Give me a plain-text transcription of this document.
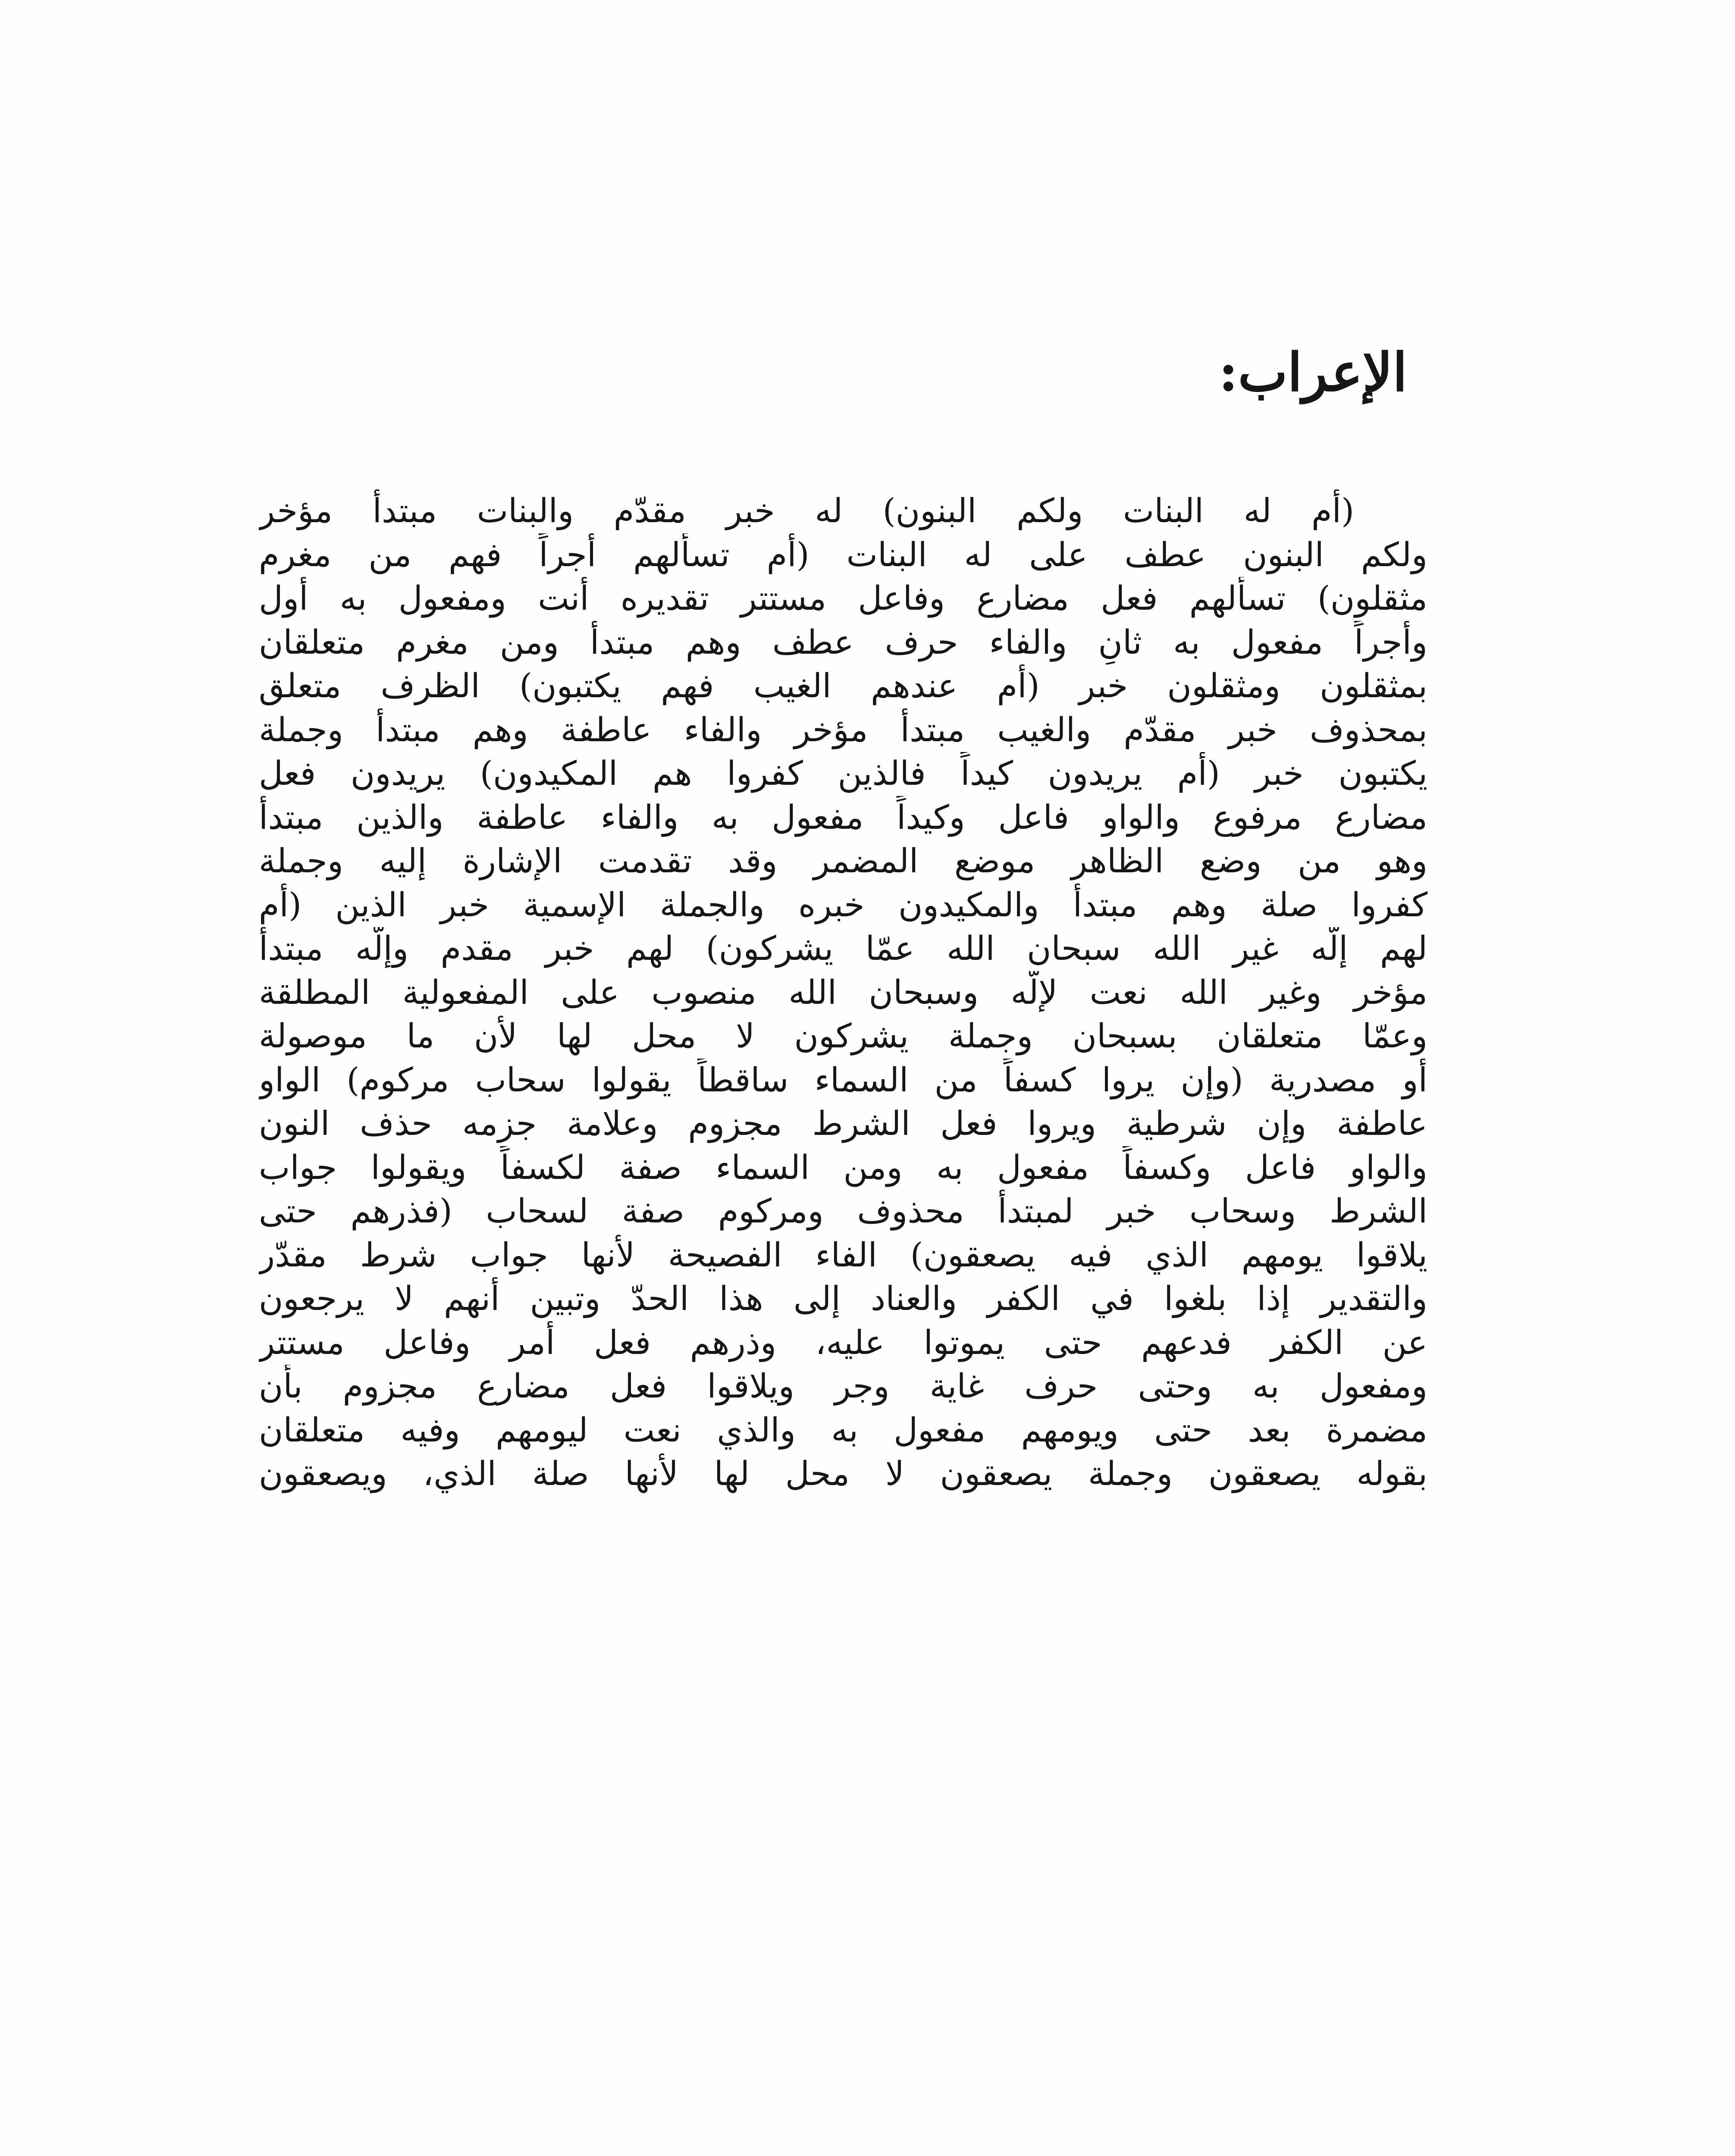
الإعراب:
(أم له البنات ولكم البنون) له خبر مقدّم والبنات مبتدأ مؤخر
ولكم البنون عطف على له البنات (أم تسألهم أجراً فهم من مغرم
مثقلون) تسألهم فعل مضارع وفاعل مستتر تقديره أنت ومفعول به أول
وأجراً مفعول به ثانٍ والفاء حرف عطف وهم مبتدأ ومن مغرم متعلقان
بمثقلون ومثقلون خبر (أم عندهم الغيب فهم يكتبون) الظرف متعلق
بمحذوف خبر مقدّم والغيب مبتدأ مؤخر والفاء عاطفة وهم مبتدأ وجملة
يكتبون خبر (أم يريدون كيداً فالذين كفروا هم المكيدون) يريدون فعل
مضارع مرفوع والواو فاعل وكيداً مفعول به والفاء عاطفة والذين مبتدأ
وهو من وضع الظاهر موضع المضمر وقد تقدمت الإشارة إليه وجملة
كفروا صلة وهم مبتدأ والمكيدون خبره والجملة الإسمية خبر الذين (أم
لهم إلّه غير الله سبحان الله عمّا يشركون) لهم خبر مقدم وإلّه مبتدأ
مؤخر وغير الله نعت لإلّه وسبحان الله منصوب على المفعولية المطلقة
وعمّا متعلقان بسبحان وجملة يشركون لا محل لها لأن ما موصولة
أو مصدرية (وإن يروا كسفاً من السماء ساقطاً يقولوا سحاب مركوم) الواو
عاطفة وإن شرطية ويروا فعل الشرط مجزوم وعلامة جزمه حذف النون
والواو فاعل وكسفاً مفعول به ومن السماء صفة لكسفاً ويقولوا جواب
الشرط وسحاب خبر لمبتدأ محذوف ومركوم صفة لسحاب (فذرهم حتى
يلاقوا يومهم الذي فيه يصعقون) الفاء الفصيحة لأنها جواب شرط مقدّر
والتقدير إذا بلغوا في الكفر والعناد إلى هذا الحدّ وتبين أنهم لا يرجعون
عن الكفر فدعهم حتى يموتوا عليه، وذرهم فعل أمر وفاعل مستتر
ومفعول به وحتى حرف غاية وجر ويلاقوا فعل مضارع مجزوم بأن
مضمرة بعد حتى ويومهم مفعول به والذي نعت ليومهم وفيه متعلقان
بقوله يصعقون وجملة يصعقون لا محل لها لأنها صلة الذي، ويصعقون
